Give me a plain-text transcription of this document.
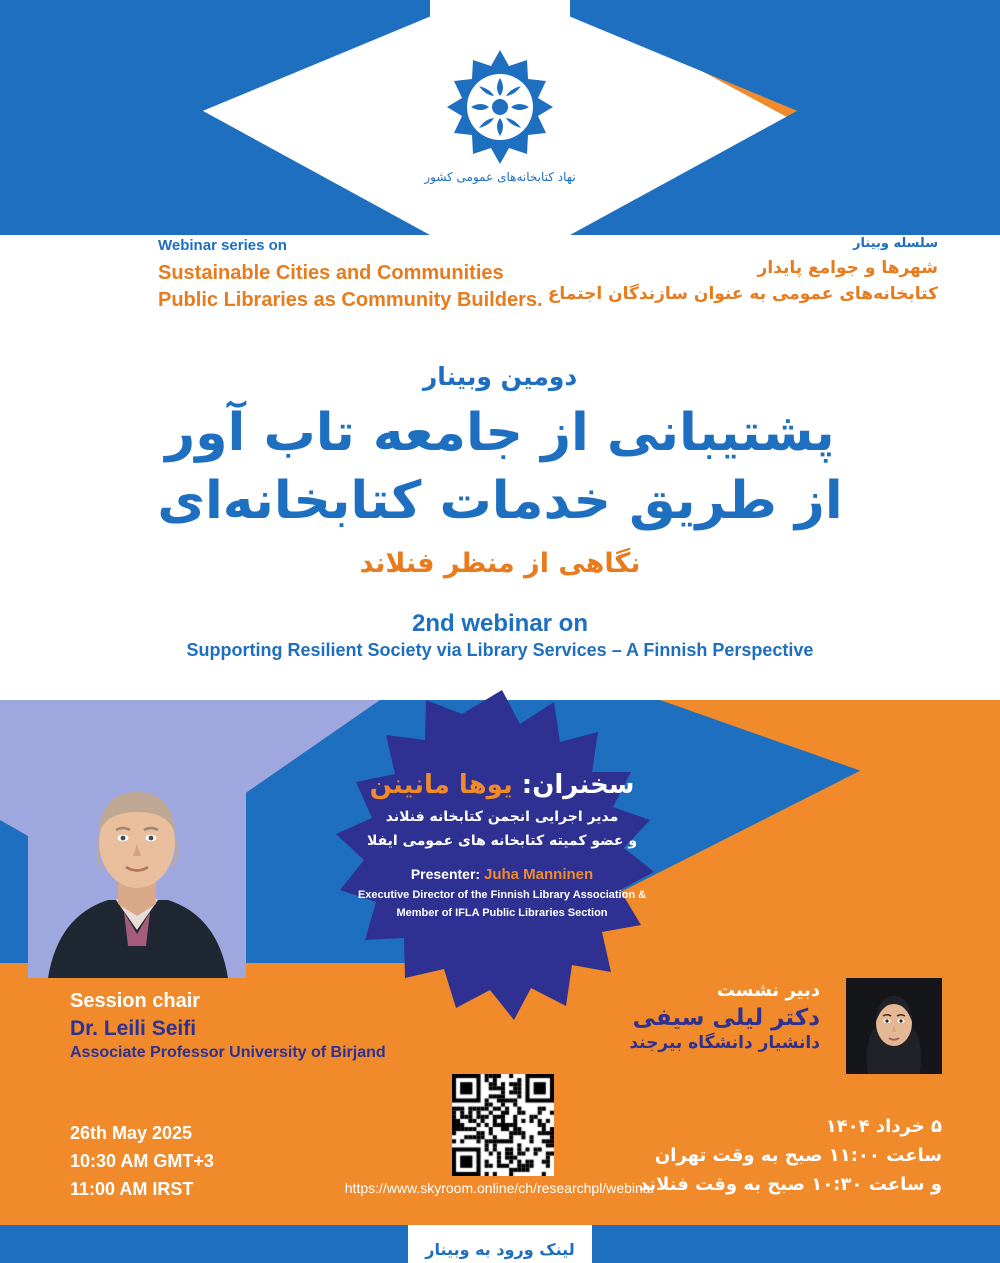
نهاد کتابخانه‌های عمومی کشور
Webinar series on
Sustainable Cities and Communities
Public Libraries as Community Builders.
سلسله وبینار
شهرها و جوامع پایدار
کتابخانه‌های عمومی به عنوان سازندگان اجتماع
دومین وبینار
پشتیبانی از جامعه تاب آور
از طریق خدمات کتابخانه‌ای
نگاهی از منظر فنلاند
2nd webinar on
Supporting Resilient Society via Library Services – A Finnish Perspective
سخنران: یوها مانینن
مدیر اجرایی انجمن کتابخانه فنلاند
و عضو کمیته کتابخانه های عمومی ایفلا
Presenter: Juha Manninen
Executive Director of the Finnish Library Association &
Member of IFLA Public Libraries Section
Session chair
Dr. Leili Seifi
Associate Professor University of Birjand
دبیر نشست
دکتر لیلی سیفی
دانشیار دانشگاه بیرجند
26th May 2025
10:30 AM GMT+3
11:00 AM IRST
۵ خرداد ۱۴۰۴
ساعت ۱۱:۰۰ صبح به وقت تهران
و ساعت ۱۰:۳۰ صبح به وقت فنلاند
https://www.skyroom.online/ch/researchpl/webinar
لینک ورود به وبینار
